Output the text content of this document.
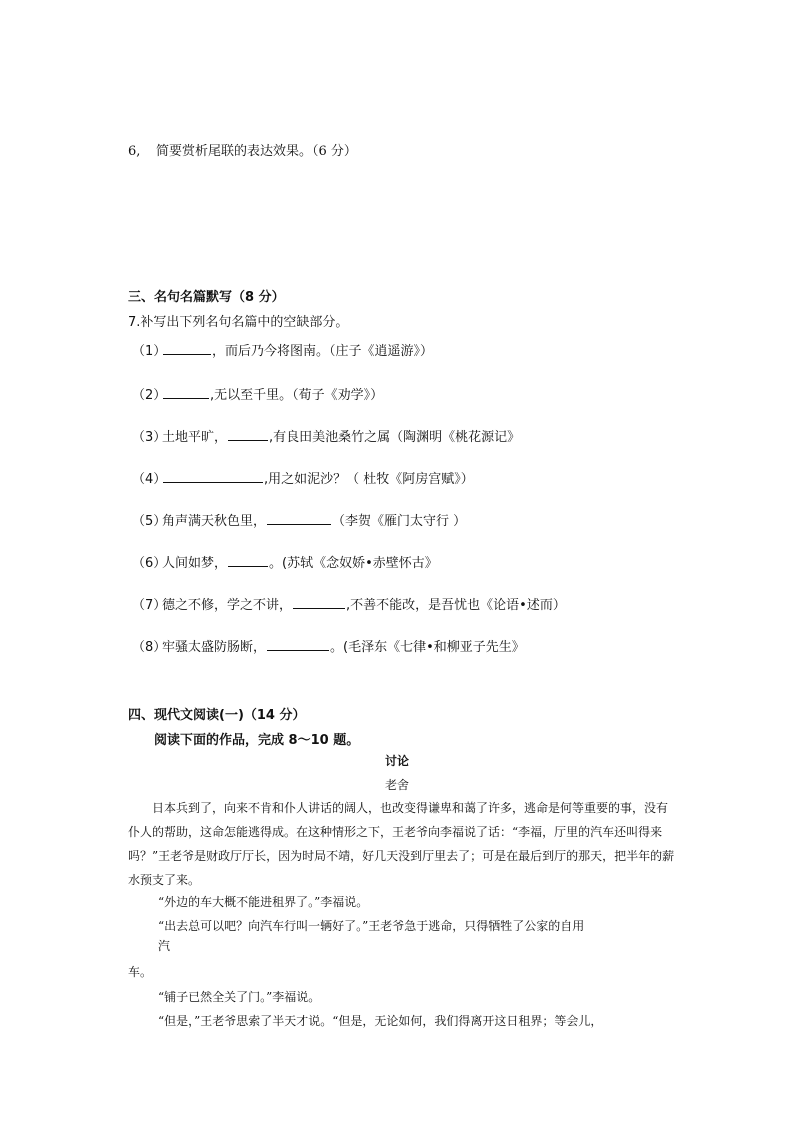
6, 简要赏析尾联的表达效果。（6 分）
三、名句名篇默写（8 分）
7.补写出下列名句名篇中的空缺部分。
（1）	，而后乃今将图南。（庄子《逍遥游》）
（2）	,无以至千里。（荀子《劝学》）
（3）土地平旷，	,有良田美池桑竹之属（陶渊明《桃花源记》
（4）	,用之如泥沙？（ 杜牧《阿房宫赋》）
（5）角声满天秋色里，	（李贺《雁门太守行 ）
（6）人间如梦，	。(苏轼《念奴娇•赤壁怀古》
（7）德之不修，学之不讲，	,不善不能改，是吾忧也《论语•述而）
（8）牢骚太盛防肠断，	。(毛泽东《七律•和柳亚子先生》
四、现代文阅读(一)（14 分）
阅读下面的作品，完成 8～10 题。
讨论
老舍
　　日本兵到了，向来不肯和仆人讲话的阔人，也改变得谦卑和蔼了许多，逃命是何等重要的事，没有仆人的帮助，这命怎能逃得成。在这种情形之下，王老爷向李福说了话：“李福，厅里的汽车还叫得来吗？”王老爷是财政厅厅长，因为时局不靖，好几天没到厅里去了；可是在最后到厅的那天，把半年的薪水预支了来。
“外边的车大概不能进租界了。”李福说。
“出去总可以吧？向汽车行叫一辆好了。”王老爷急于逃命，只得牺牲了公家的自用
汽
车。
“铺子已然全关了门。”李福说。
“但是，”王老爷思索了半天才说。“但是，无论如何，我们得离开这日租界；等会儿，
